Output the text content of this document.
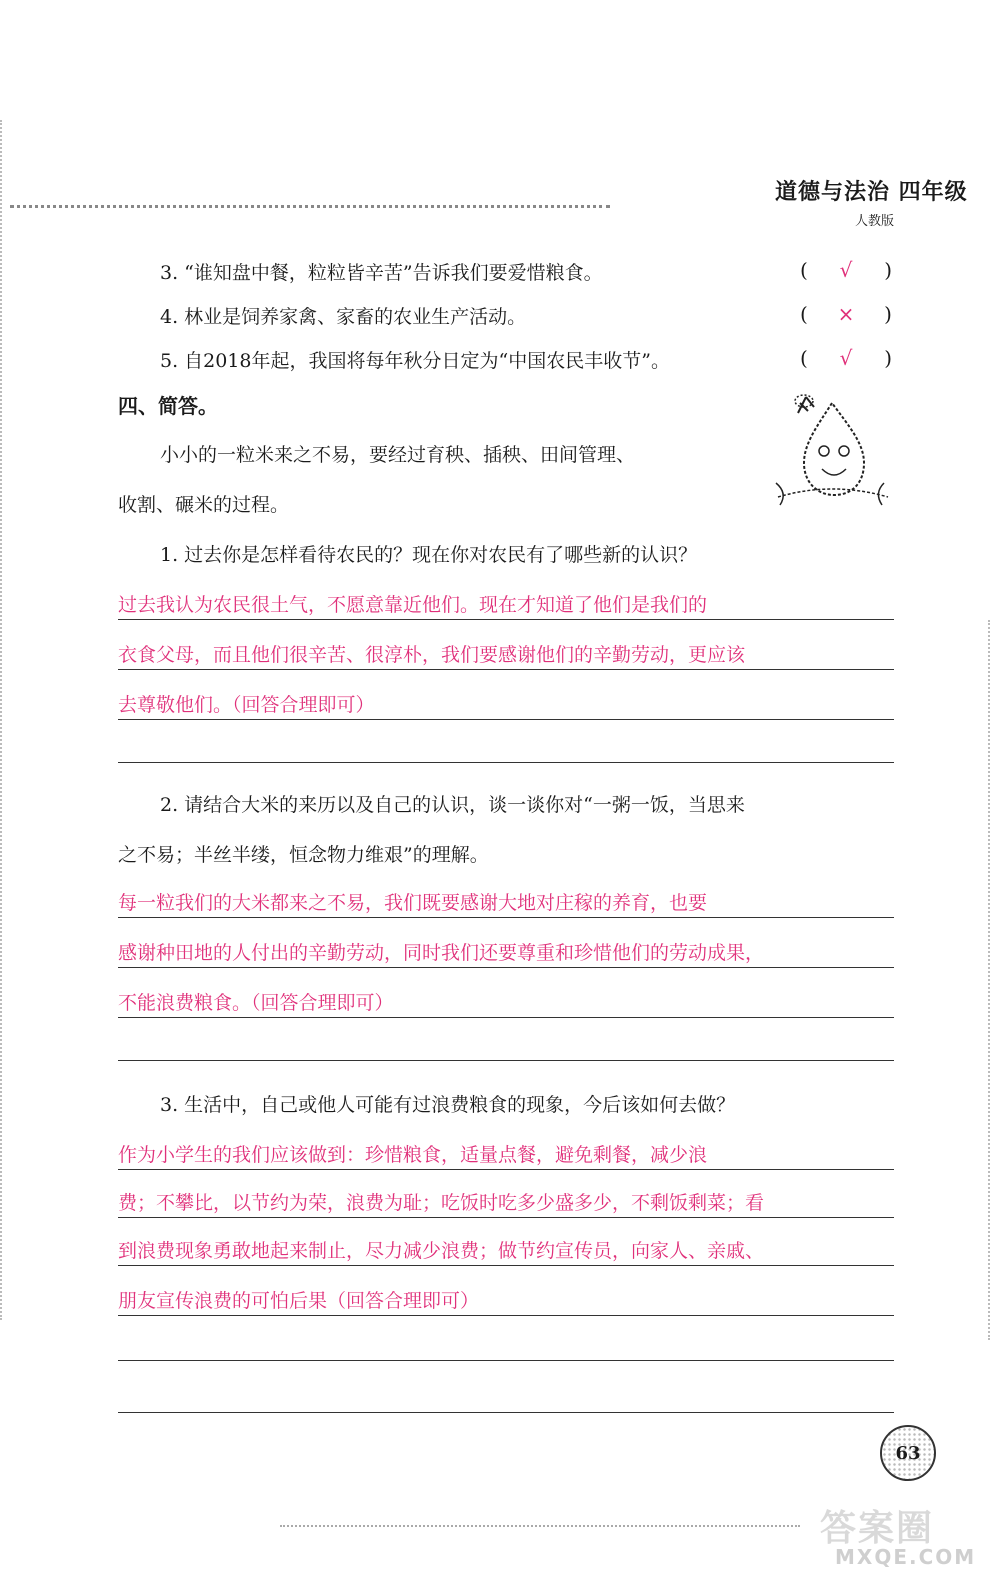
道德与法治 四年级
人教版
3. “谁知盘中餐，粒粒皆辛苦”告诉我们要爱惜粮食。	( √ )
4. 林业是饲养家禽、家畜的农业生产活动。	( × )
5. 自2018年起，我国将每年秋分日定为“中国农民丰收节”。	( √ )
四、简答。
小小的一粒米来之不易，要经过育秧、插秧、田间管理、
收割、碾米的过程。
1. 过去你是怎样看待农民的？现在你对农民有了哪些新的认识？
过去我认为农民很土气，不愿意靠近他们。现在才知道了他们是我们的
衣食父母，而且他们很辛苦、很淳朴，我们要感谢他们的辛勤劳动，更应该
去尊敬他们。（回答合理即可）
2. 请结合大米的来历以及自己的认识，谈一谈你对“一粥一饭，当思来
之不易；半丝半缕，恒念物力维艰”的理解。
每一粒我们的大米都来之不易，我们既要感谢大地对庄稼的养育，也要
感谢种田地的人付出的辛勤劳动，同时我们还要尊重和珍惜他们的劳动成果，
不能浪费粮食。（回答合理即可）
3. 生活中，自己或他人可能有过浪费粮食的现象，今后该如何去做？
作为小学生的我们应该做到：珍惜粮食，适量点餐，避免剩餐，减少浪
费；不攀比，以节约为荣，浪费为耻；吃饭时吃多少盛多少，不剩饭剩菜；看
到浪费现象勇敢地起来制止，尽力减少浪费；做节约宣传员，向家人、亲戚、
朋友宣传浪费的可怕后果（回答合理即可）
63
答案圈
MXQE.COM
